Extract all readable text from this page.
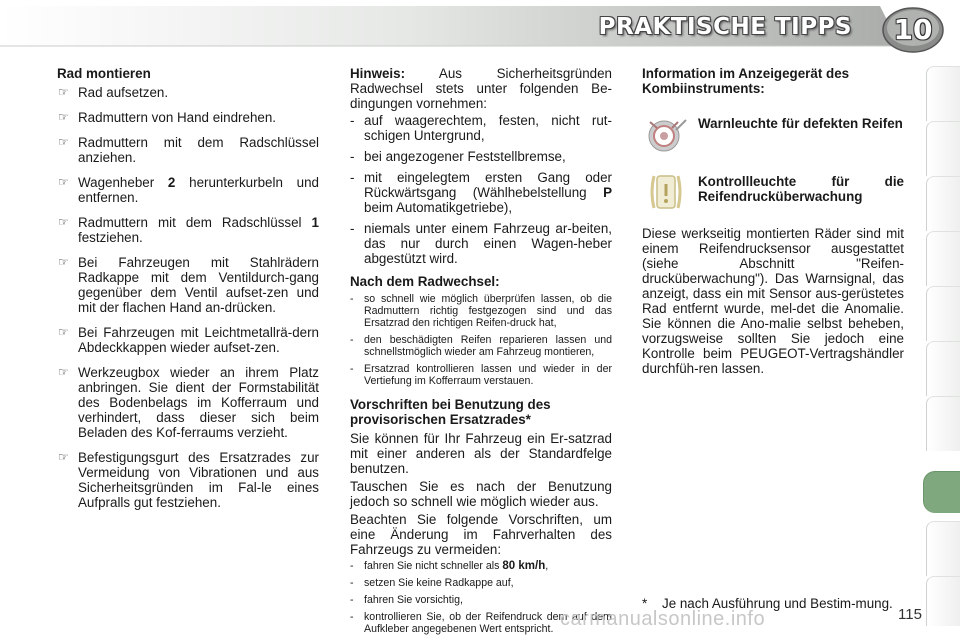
PRAKTISCHE TIPPS	10

Rad montieren

☞ Rad aufsetzen.
☞ Radmuttern von Hand eindrehen.
☞ Radmuttern mit dem Radschlüssel anziehen.
☞ Wagenheber 2 herunterkurbeln und entfernen.
☞ Radmuttern mit dem Radschlüssel 1 festziehen.
☞ Bei Fahrzeugen mit Stahlrädern Radkappe mit dem Ventildurch-gang gegenüber dem Ventil aufset-zen und mit der flachen Hand an-drücken.
☞ Bei Fahrzeugen mit Leichtmetallrä-dern Abdeckkappen wieder aufset-zen.
☞ Werkzeugbox wieder an ihrem Platz anbringen. Sie dient der Formstabilität des Bodenbelags im Kofferraum und verhindert, dass dieser sich beim Beladen des Kof-ferraums verzieht.
☞ Befestigungsgurt des Ersatzrades zur Vermeidung von Vibrationen und aus Sicherheitsgründen im Fal-le eines Aufpralls gut festziehen.

Hinweis: Aus Sicherheitsgründen Radwechsel stets unter folgenden Be-dingungen vornehmen:

- auf waagerechtem, festen, nicht rut-schigen Untergrund,
- bei angezogener Feststellbremse,
- mit eingelegtem ersten Gang oder Rückwärtsgang (Wählhebelstellung P beim Automatikgetriebe),
- niemals unter einem Fahrzeug ar-beiten, das nur durch einen Wagen-heber abgestützt wird.

Nach dem Radwechsel:

- so schnell wie möglich überprüfen lassen, ob die Radmuttern richtig festgezogen sind und das Ersatzrad den richtigen Reifen-druck hat,
- den beschädigten Reifen reparieren lassen und schnellstmöglich wieder am Fahrzeug montieren,
- Ersatzrad kontrollieren lassen und wieder in der Vertiefung im Kofferraum verstauen.

Vorschriften bei Benutzung des provisorischen Ersatzrades*

Sie können für Ihr Fahrzeug ein Er-satzrad mit einer anderen als der Standardfelge benutzen.

Tauschen Sie es nach der Benutzung jedoch so schnell wie möglich wieder aus.

Beachten Sie folgende Vorschriften, um eine Änderung im Fahrverhalten des Fahrzeugs zu vermeiden:

- fahren Sie nicht schneller als 80 km/h,
- setzen Sie keine Radkappe auf,
- fahren Sie vorsichtig,
- kontrollieren Sie, ob der Reifendruck dem auf dem Aufkleber angegebenen Wert entspricht.

Information im Anzeigegerät des Kombiinstruments:

Warnleuchte für defekten Reifen
Kontrollleuchte für die Reifendrucküberwachung

Diese werkseitig montierten Räder sind mit einem Reifendrucksensor ausgestattet (siehe Abschnitt "Reifen-drucküberwachung"). Das Warnsignal, das anzeigt, dass ein mit Sensor aus-gerüstetes Rad entfernt wurde, mel-det die Anomalie. Sie können die Ano-malie selbst beheben, vorzugsweise sollten Sie jedoch eine Kontrolle beim PEUGEOT-Vertragshändler durchfüh-ren lassen.

*	Je nach Ausführung und Bestim-mung.
carmanualsonline.info	115
